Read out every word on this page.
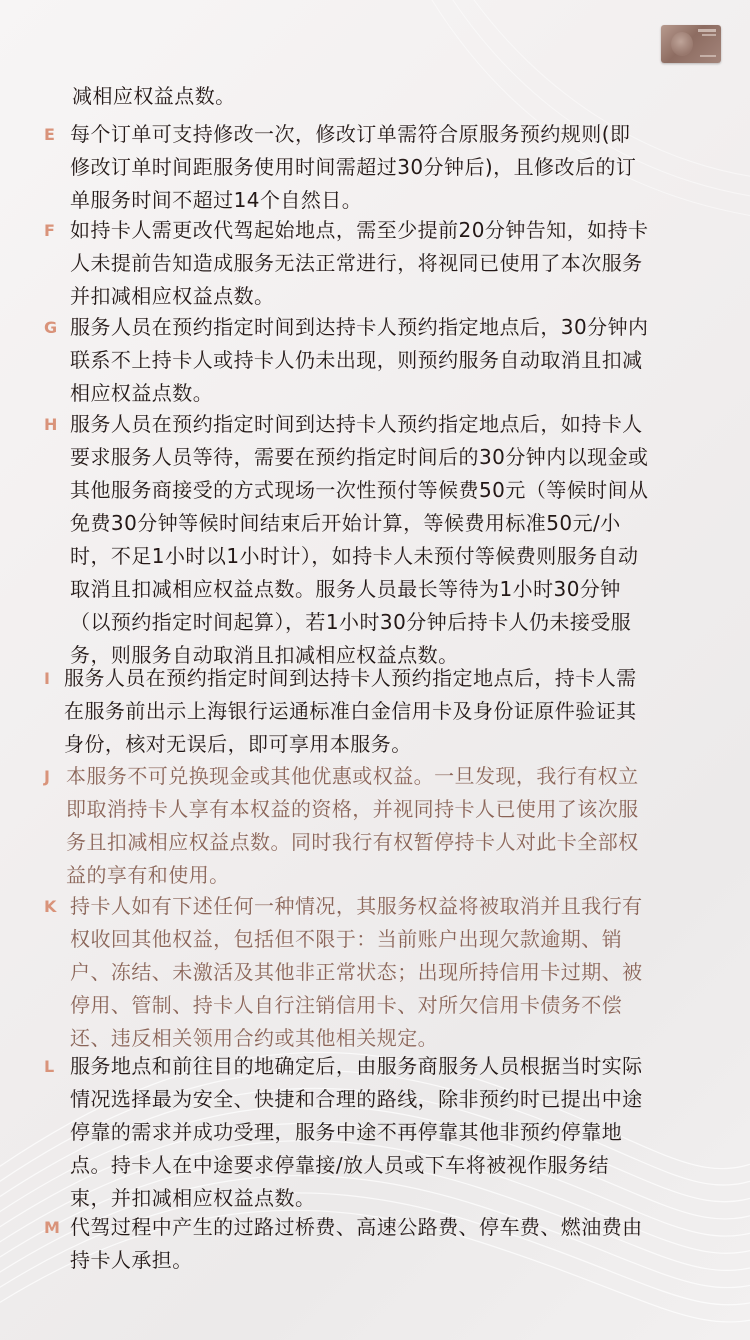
减相应权益点数。

E 每个订单可支持修改一次，修改订单需符合原服务预约规则(即
修改订单时间距服务使用时间需超过30分钟后)，且修改后的订
单服务时间不超过14个自然日。

F 如持卡人需更改代驾起始地点，需至少提前20分钟告知，如持卡
人未提前告知造成服务无法正常进行，将视同已使用了本次服务
并扣减相应权益点数。

G 服务人员在预约指定时间到达持卡人预约指定地点后，30分钟内
联系不上持卡人或持卡人仍未出现，则预约服务自动取消且扣减
相应权益点数。

H 服务人员在预约指定时间到达持卡人预约指定地点后，如持卡人
要求服务人员等待，需要在预约指定时间后的30分钟内以现金或
其他服务商接受的方式现场一次性预付等候费50元（等候时间从
免费30分钟等候时间结束后开始计算，等候费用标准50元/小
时，不足1小时以1小时计），如持卡人未预付等候费则服务自动
取消且扣减相应权益点数。服务人员最长等待为1小时30分钟
（以预约指定时间起算），若1小时30分钟后持卡人仍未接受服
务，则服务自动取消且扣减相应权益点数。

I 服务人员在预约指定时间到达持卡人预约指定地点后，持卡人需
在服务前出示上海银行运通标准白金信用卡及身份证原件验证其
身份，核对无误后，即可享用本服务。

J 本服务不可兑换现金或其他优惠或权益。一旦发现，我行有权立
即取消持卡人享有本权益的资格，并视同持卡人已使用了该次服
务且扣减相应权益点数。同时我行有权暂停持卡人对此卡全部权
益的享有和使用。

K 持卡人如有下述任何一种情况，其服务权益将被取消并且我行有
权收回其他权益，包括但不限于：当前账户出现欠款逾期、销
户、冻结、未激活及其他非正常状态；出现所持信用卡过期、被
停用、管制、持卡人自行注销信用卡、对所欠信用卡债务不偿
还、违反相关领用合约或其他相关规定。

L 服务地点和前往目的地确定后，由服务商服务人员根据当时实际
情况选择最为安全、快捷和合理的路线，除非预约时已提出中途
停靠的需求并成功受理，服务中途不再停靠其他非预约停靠地
点。持卡人在中途要求停靠接/放人员或下车将被视作服务结
束，并扣减相应权益点数。

M 代驾过程中产生的过路过桥费、高速公路费、停车费、燃油费由
持卡人承担。
